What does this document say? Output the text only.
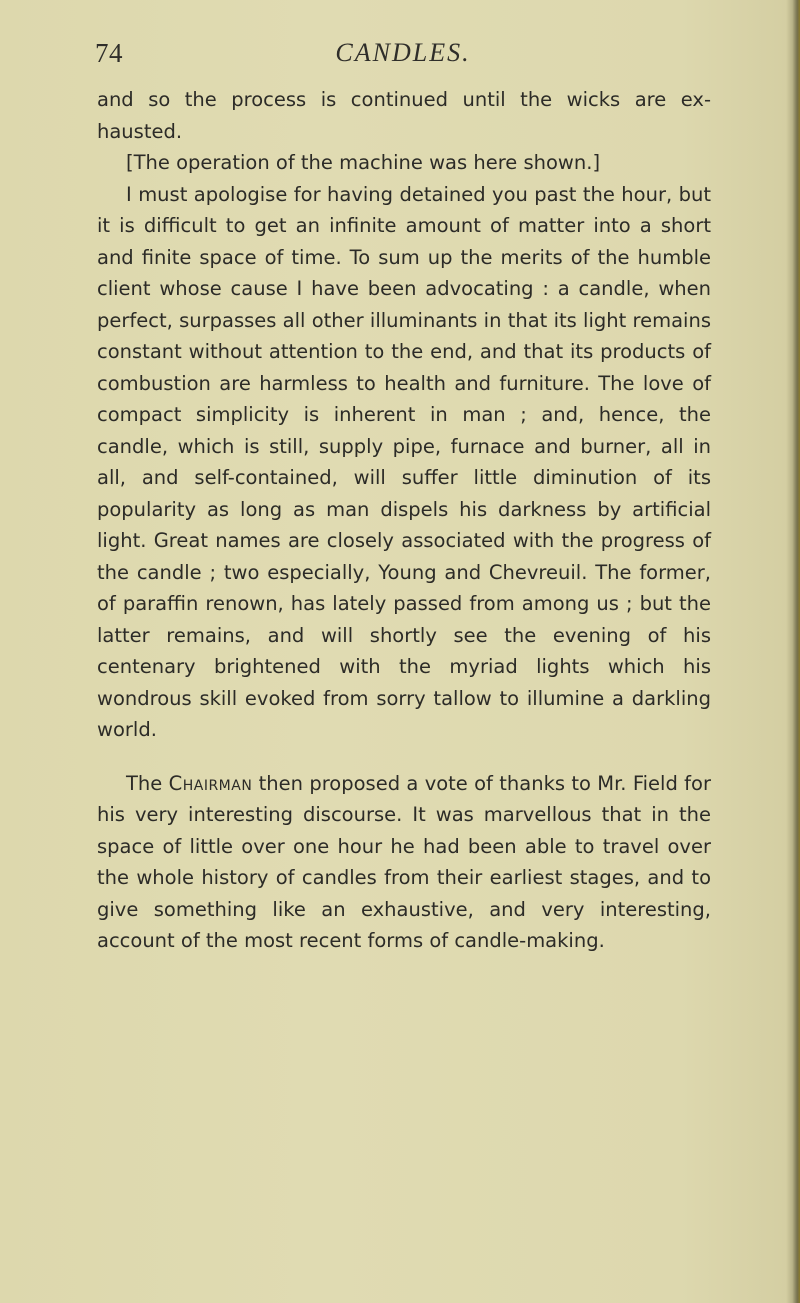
74	CANDLES.

and so the process is continued until the wicks are ex-hausted.

[The operation of the machine was here shown.]

I must apologise for having detained you past the hour, but it is difficult to get an infinite amount of matter into a short and finite space of time. To sum up the merits of the humble client whose cause I have been advocating : a candle, when perfect, surpasses all other illuminants in that its light remains constant without attention to the end, and that its products of combustion are harmless to health and furniture. The love of compact simplicity is inherent in man ; and, hence, the candle, which is still, supply pipe, furnace and burner, all in all, and self-contained, will suffer little diminution of its popularity as long as man dispels his darkness by artificial light. Great names are closely associated with the progress of the candle ; two especially, Young and Chevreuil. The former, of paraffin renown, has lately passed from among us ; but the latter remains, and will shortly see the evening of his centenary brightened with the myriad lights which his wondrous skill evoked from sorry tallow to illumine a darkling world.

The Chairman then proposed a vote of thanks to Mr. Field for his very interesting discourse. It was marvellous that in the space of little over one hour he had been able to travel over the whole history of candles from their earliest stages, and to give something like an exhaustive, and very interesting, account of the most recent forms of candle-making.
